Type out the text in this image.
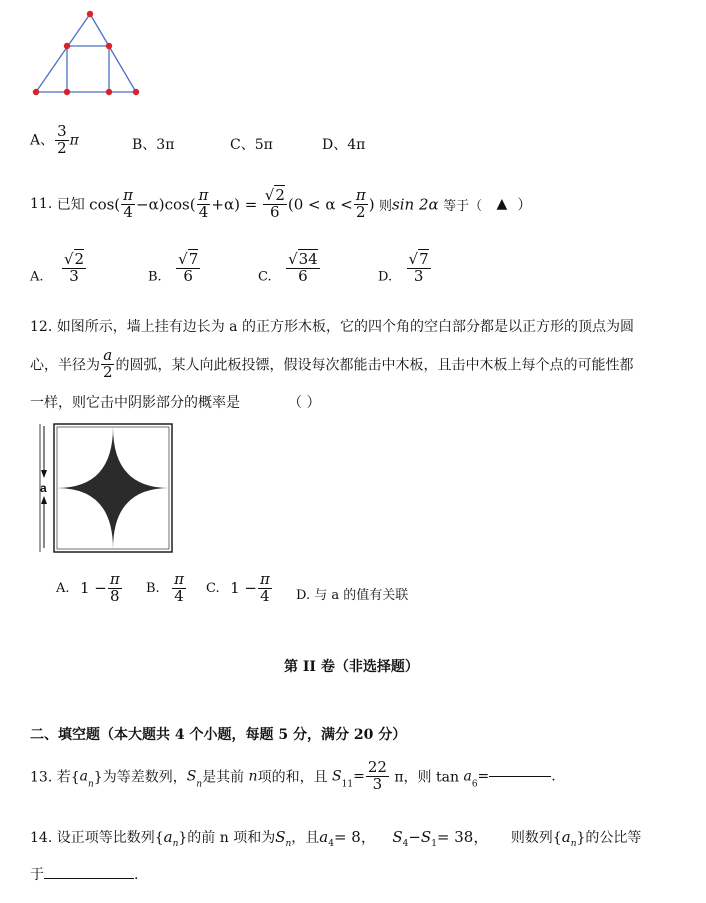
A、 $\frac{3}{2}$ π	B、3π	C、5π	D、4π
11. 已知 $\cos( \frac{\pi}{4} -\alpha)\cos( \frac{\pi}{4} +\alpha) = \frac{√2}{6} (0 < \alpha < \frac{\pi}{2}$ ) 则sin 2α 等于（ ▲ ）
A. $\frac{√2}{3}$	B. $\frac{√7}{6}$	C. $\frac{√34}{6}$	D. $\frac{√7}{3}$
12. 如图所示，墙上挂有边长为 a 的正方形木板，它的四个角的空白部分都是以正方形的顶点为圆
心，半径为 $\frac{a}{2}$ 的圆弧，某人向此板投镖，假设每次都能击中木板，且击中木板上每个点的可能性都
一样，则它击中阴影部分的概率是	（ ）
a
A. $1 - \frac{\pi}{8} B$. $\frac{\pi}{4} C$. $1 - \frac{\pi}{4} D$. 与 a 的值有关联
第 II 卷（非选择题）
二、填空题（本大题共 4 个小题，每题 5 分，满分 20 分）
13. 若$\{a_n\}$为等差数列，$S_n$是其前 n项的和，且 $S_{11}= \frac{22}{3}$ π，则 $\tan a_6=$	.
14. 设正项等比数列$\{a_n\}$的前 n 项和为$S_n$，且$a_4= 8$， $S_4-S_1= 38$， 则数列$\{a_n\}$的公比等
于	.
